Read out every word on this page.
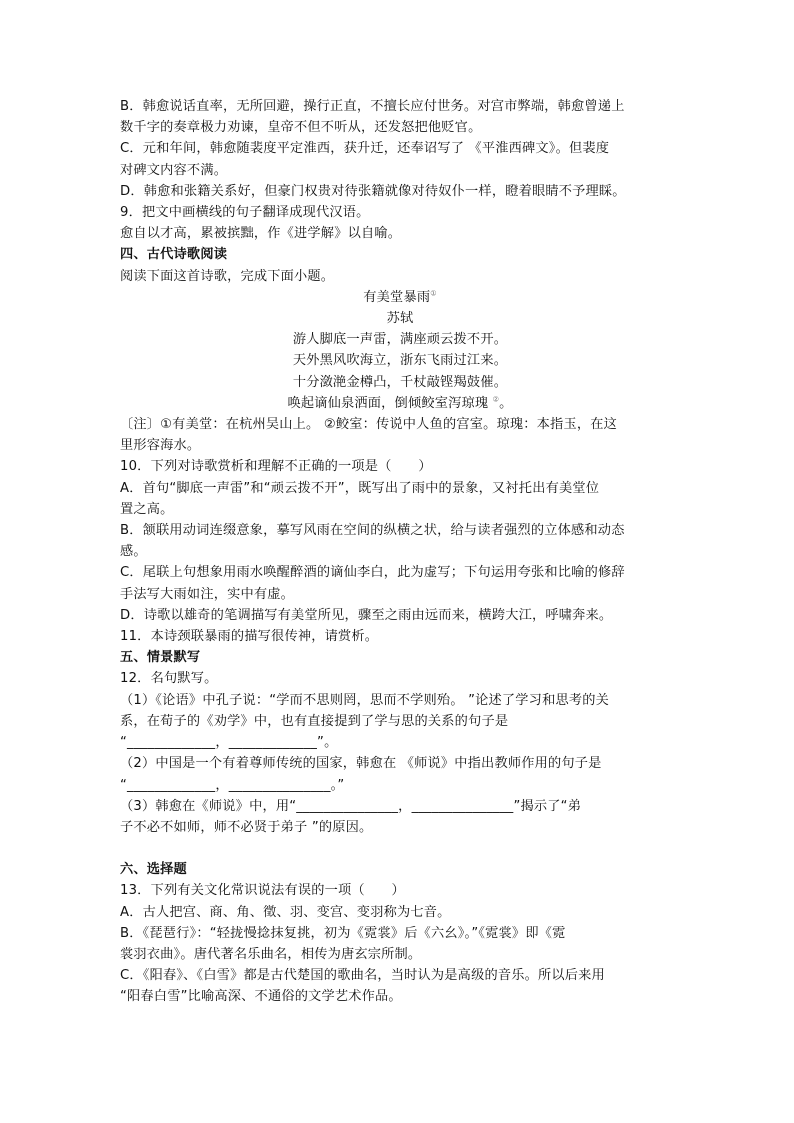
B．韩愈说话直率，无所回避，操行正直，不擅长应付世务。对宫市弊端，韩愈曾递上
数千字的奏章极力劝谏，皇帝不但不听从，还发怒把他贬官。
C．元和年间，韩愈随裴度平定淮西，获升迁，还奉诏写了 《平淮西碑文》。但裴度
对碑文内容不满。
D．韩愈和张籍关系好，但豪门权贵对待张籍就像对待奴仆一样，瞪着眼睛不予理睬。
9．把文中画横线的句子翻译成现代汉语。
愈自以才高，累被摈黜，作《进学解》以自喻。
四、古代诗歌阅读
阅读下面这首诗歌，完成下面小题。
有美堂暴雨①
苏轼
游人脚底一声雷，满座顽云拨不开。
天外黑风吹海立，浙东飞雨过江来。
十分潋滟金樽凸，千杖敲铿羯鼓催。
唤起谪仙泉洒面，倒倾鲛室泻琼瑰 ②。
〔注〕①有美堂：在杭州吴山上。 ②鲛室：传说中人鱼的宫室。琼瑰：本指玉，在这
里形容海水。
10．下列对诗歌赏析和理解不正确的一项是（　　）
A．首句“脚底一声雷”和“顽云拨不开”，既写出了雨中的景象，又衬托出有美堂位
置之高。
B．颔联用动词连缀意象，摹写风雨在空间的纵横之状，给与读者强烈的立体感和动态
感。
C．尾联上句想象用雨水唤醒醉酒的谪仙李白，此为虚写；下句运用夸张和比喻的修辞
手法写大雨如注，实中有虚。
D．诗歌以雄奇的笔调描写有美堂所见，骤至之雨由远而来，横跨大江，呼啸奔来。
11．本诗颈联暴雨的描写很传神，请赏析。
五、情景默写
12．名句默写。
（1）《论语》中孔子说：“学而不思则罔，思而不学则殆。 ”论述了学习和思考的关
系，在荀子的《劝学》中，也有直接提到了学与思的关系的句子是
“_____________，_____________”。
（2）中国是一个有着尊师传统的国家，韩愈在 《师说》中指出教师作用的句子是
“_____________，_______________。”
（3）韩愈在《师说》中，用“_______________，_______________”揭示了“弟
子不必不如师，师不必贤于弟子 ”的原因。
六、选择题
13．下列有关文化常识说法有误的一项（　　）
A．古人把宫、商、角、徵、羽、变宫、变羽称为七音。
B．《琵琶行》：“轻拢慢捻抹复挑，初为《霓裳》后《六幺》。”《霓裳》即《霓
裳羽衣曲》。唐代著名乐曲名，相传为唐玄宗所制。
C．《阳春》、《白雪》都是古代楚国的歌曲名，当时认为是高级的音乐。所以后来用
“阳春白雪”比喻高深、不通俗的文学艺术作品。
